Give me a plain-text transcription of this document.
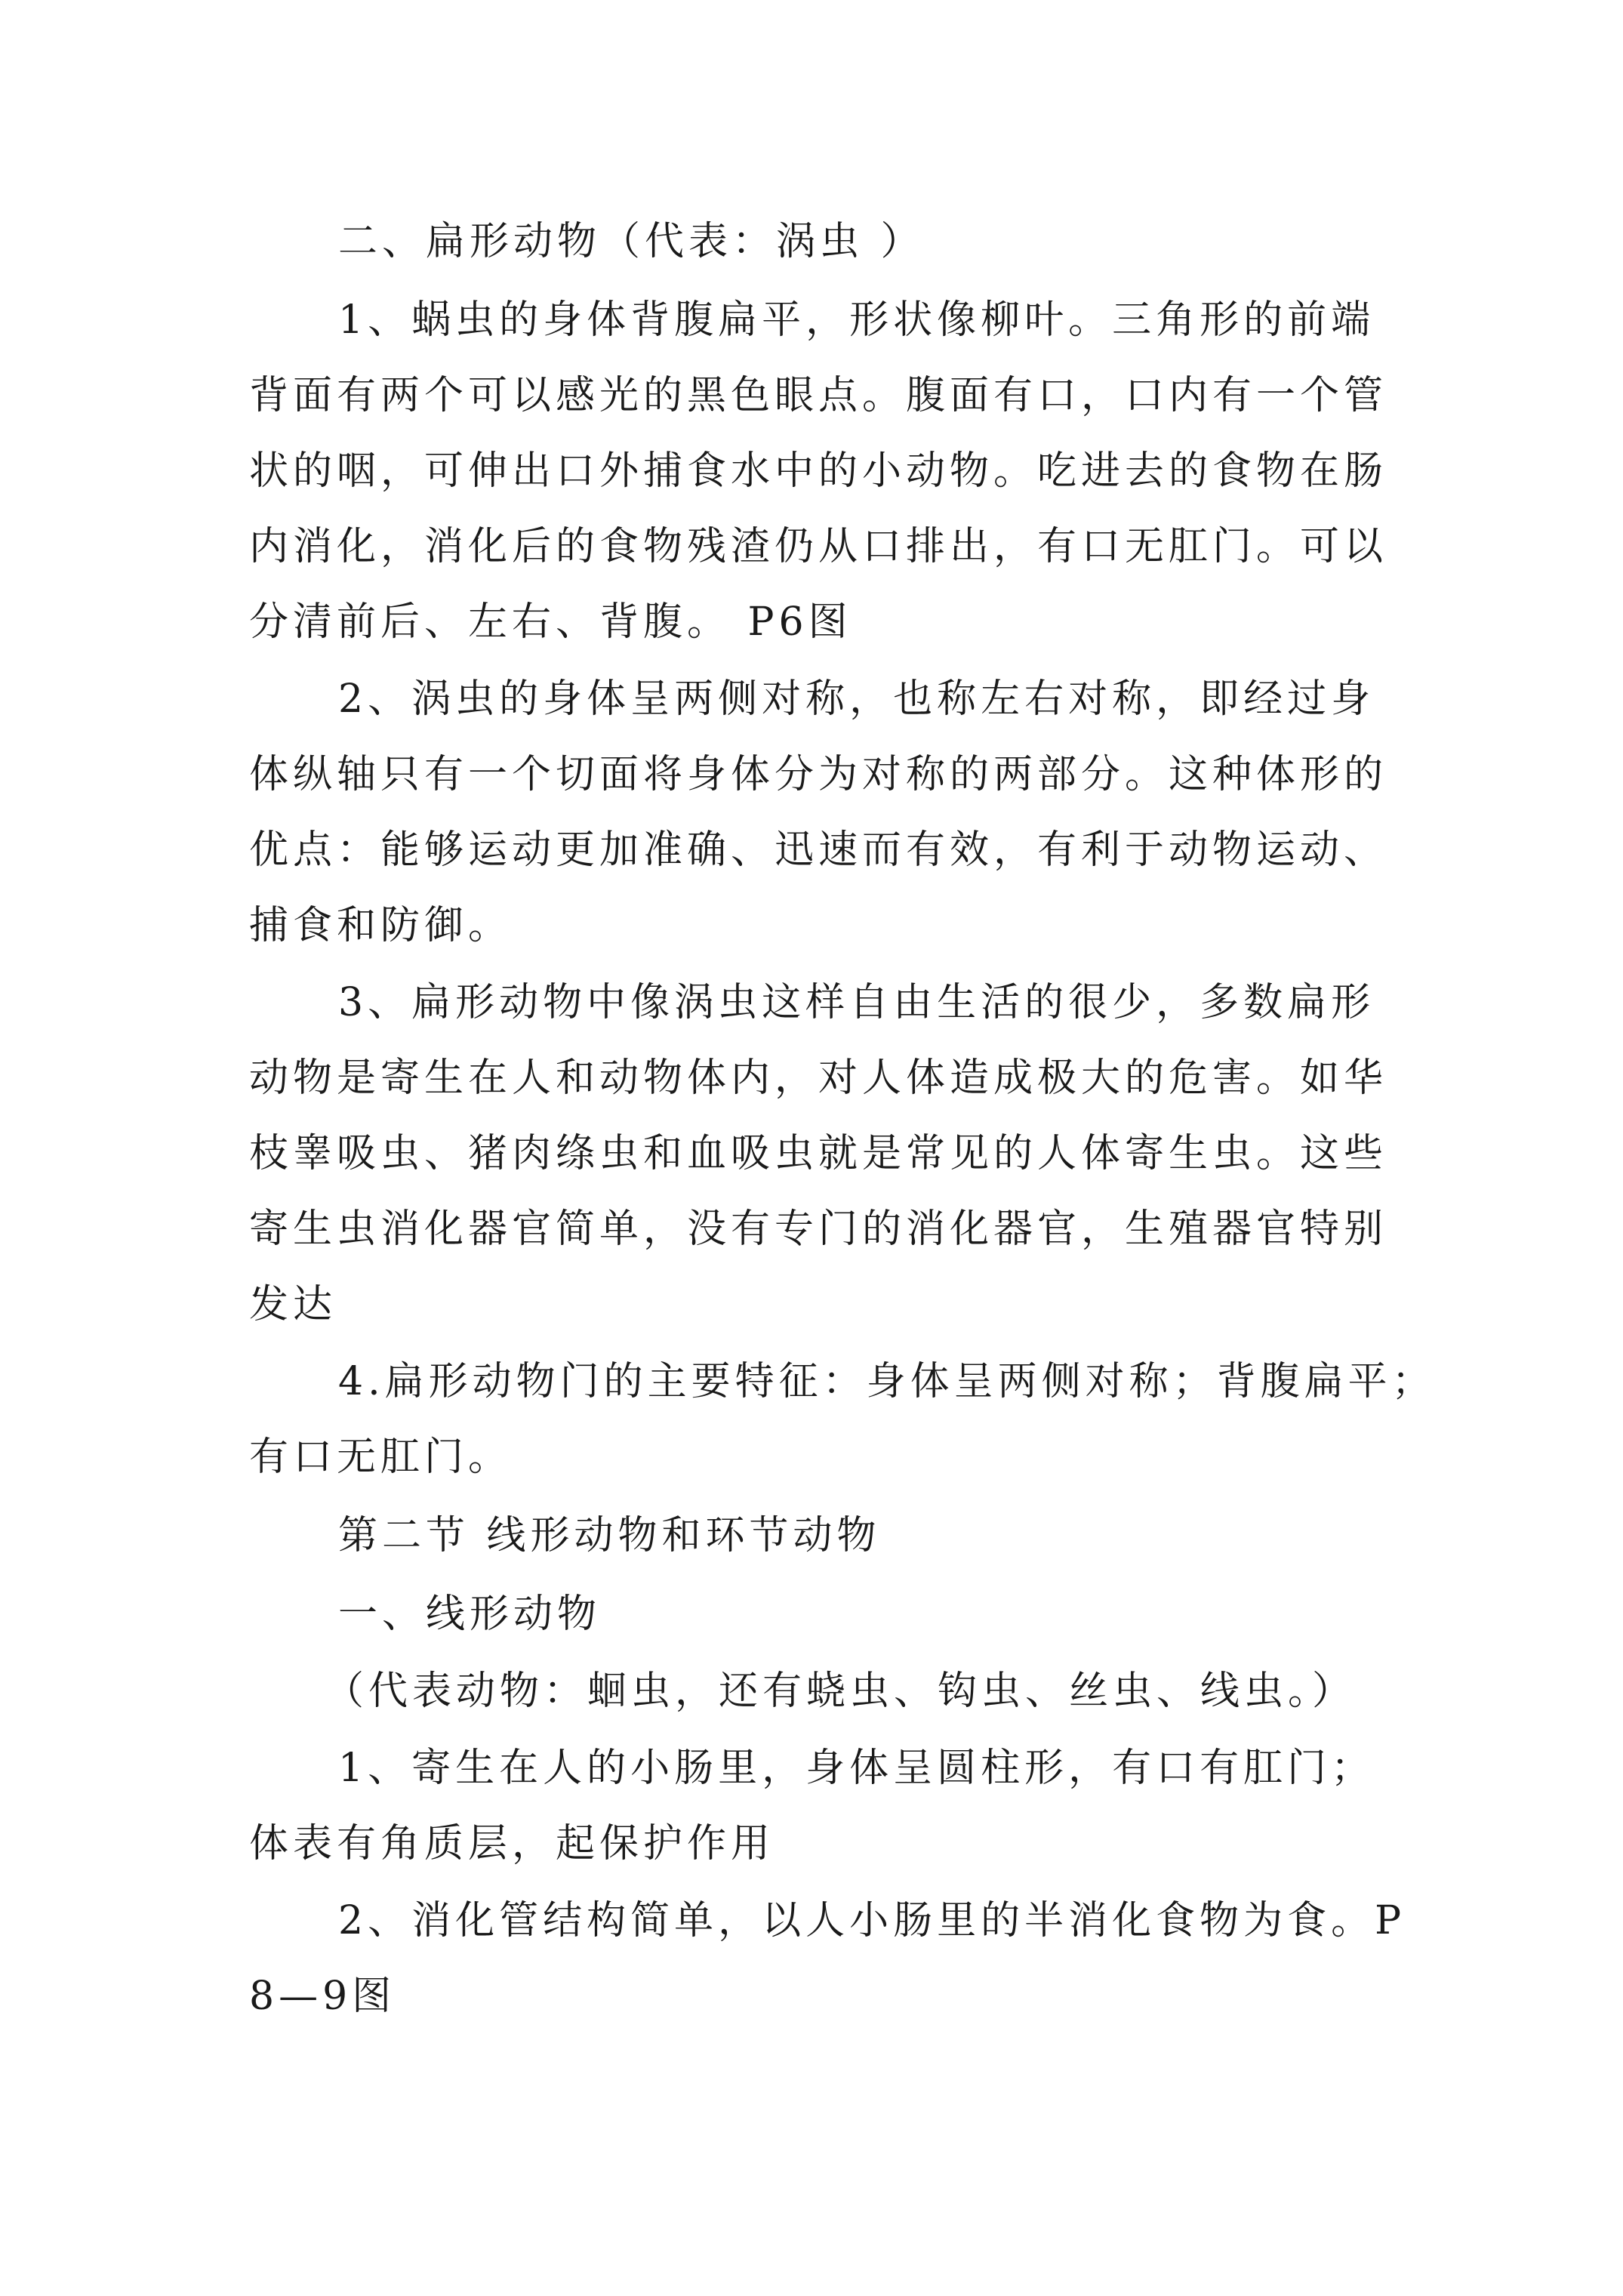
二、扁形动物（代表：涡虫 ）
1、蜗虫的身体背腹扁平，形状像柳叶。三角形的前端
背面有两个可以感光的黑色眼点。腹面有口，口内有一个管
状的咽，可伸出口外捕食水中的小动物。吃进去的食物在肠
内消化，消化后的食物残渣仍从口排出，有口无肛门。可以
分清前后、左右、背腹。 P6图
2、涡虫的身体呈两侧对称，也称左右对称，即经过身
体纵轴只有一个切面将身体分为对称的两部分。这种体形的
优点：能够运动更加准确、迅速而有效，有利于动物运动、
捕食和防御。
3、扁形动物中像涡虫这样自由生活的很少，多数扁形
动物是寄生在人和动物体内，对人体造成极大的危害。如华
枝睾吸虫、猪肉绦虫和血吸虫就是常见的人体寄生虫。这些
寄生虫消化器官简单，没有专门的消化器官，生殖器官特别
发达
4.扁形动物门的主要特征：身体呈两侧对称；背腹扁平；
有口无肛门。
第二节 线形动物和环节动物
一、线形动物
（代表动物：蛔虫，还有蛲虫、钩虫、丝虫、线虫。）
1、寄生在人的小肠里，身体呈圆柱形，有口有肛门；
体表有角质层，起保护作用
2、消化管结构简单，以人小肠里的半消化食物为食。P
8—9图
